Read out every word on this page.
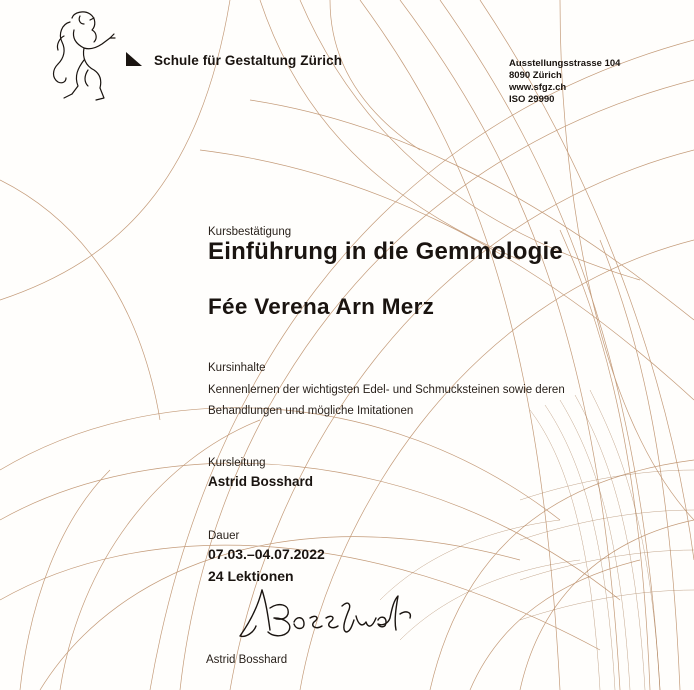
Schule für Gestaltung Zürich	Ausstellungsstrasse 104
8090 Zürich
www.sfgz.ch
ISO 29990
Kursbestätigung
Einführung in die Gemmologie
Fée Verena Arn Merz
Kursinhalte
Kennenlernen der wichtigsten Edel- und Schmucksteinen sowie deren Behandlungen und mögliche Imitationen
Kursleitung
Astrid Bosshard
Dauer
07.03.–04.07.2022
24 Lektionen
Astrid Bosshard
